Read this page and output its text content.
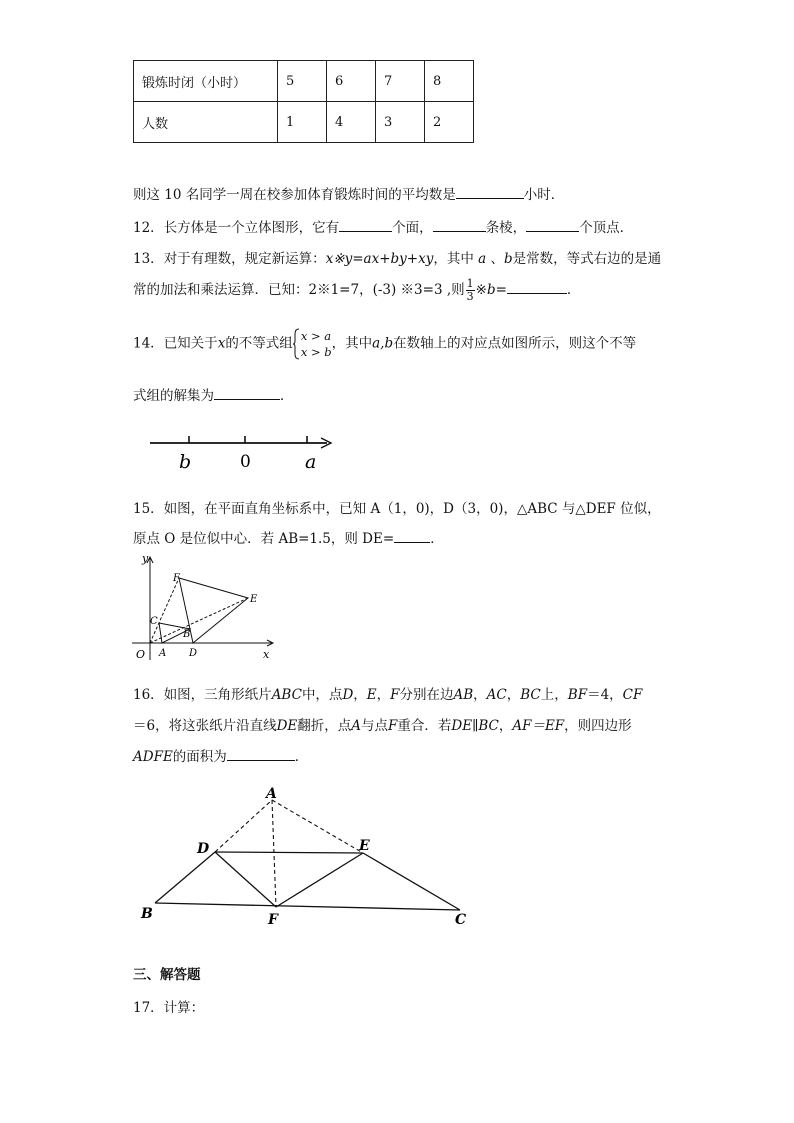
锻炼时闭（小时）	5	6	7	8
人数	1	4	3	2
则这 10 名同学一周在校参加体育锻炼时间的平均数是	小时．
12．长方体是一个立体图形，它有	个面，	条棱，	个顶点．
13．对于有理数，规定新运算：x※y=ax+by+xy，其中 a 、b是常数，等式右边的是通
常的加法和乘法运算．已知：2※1=7，(-3) ※3=3 ,则 $\frac{1}{3}$ ※b=	．
14．已知关于x的不等式组 x > a
x > b
，其中a,b在数轴上的对应点如图所示，则这个不等
式组的解集为	．
b	0	a
15．如图，在平面直角坐标系中，已知 A（1，0)，D（3，0)，△ABC 与△DEF 位似，
原点 O 是位似中心．若 AB=1.5，则 DE=	．
y
x
O A
B
C
D
E
F
16．如图，三角形纸片ABC中，点D，E，F分别在边AB，AC，BC上，BF＝4，CF
＝6，将这张纸片沿直线DE翻折，点A与点F重合．若DE∥BC，AF＝EF，则四边形
ADFE的面积为	．
A
B	C
D	E
F
三、解答题
17．计算：
